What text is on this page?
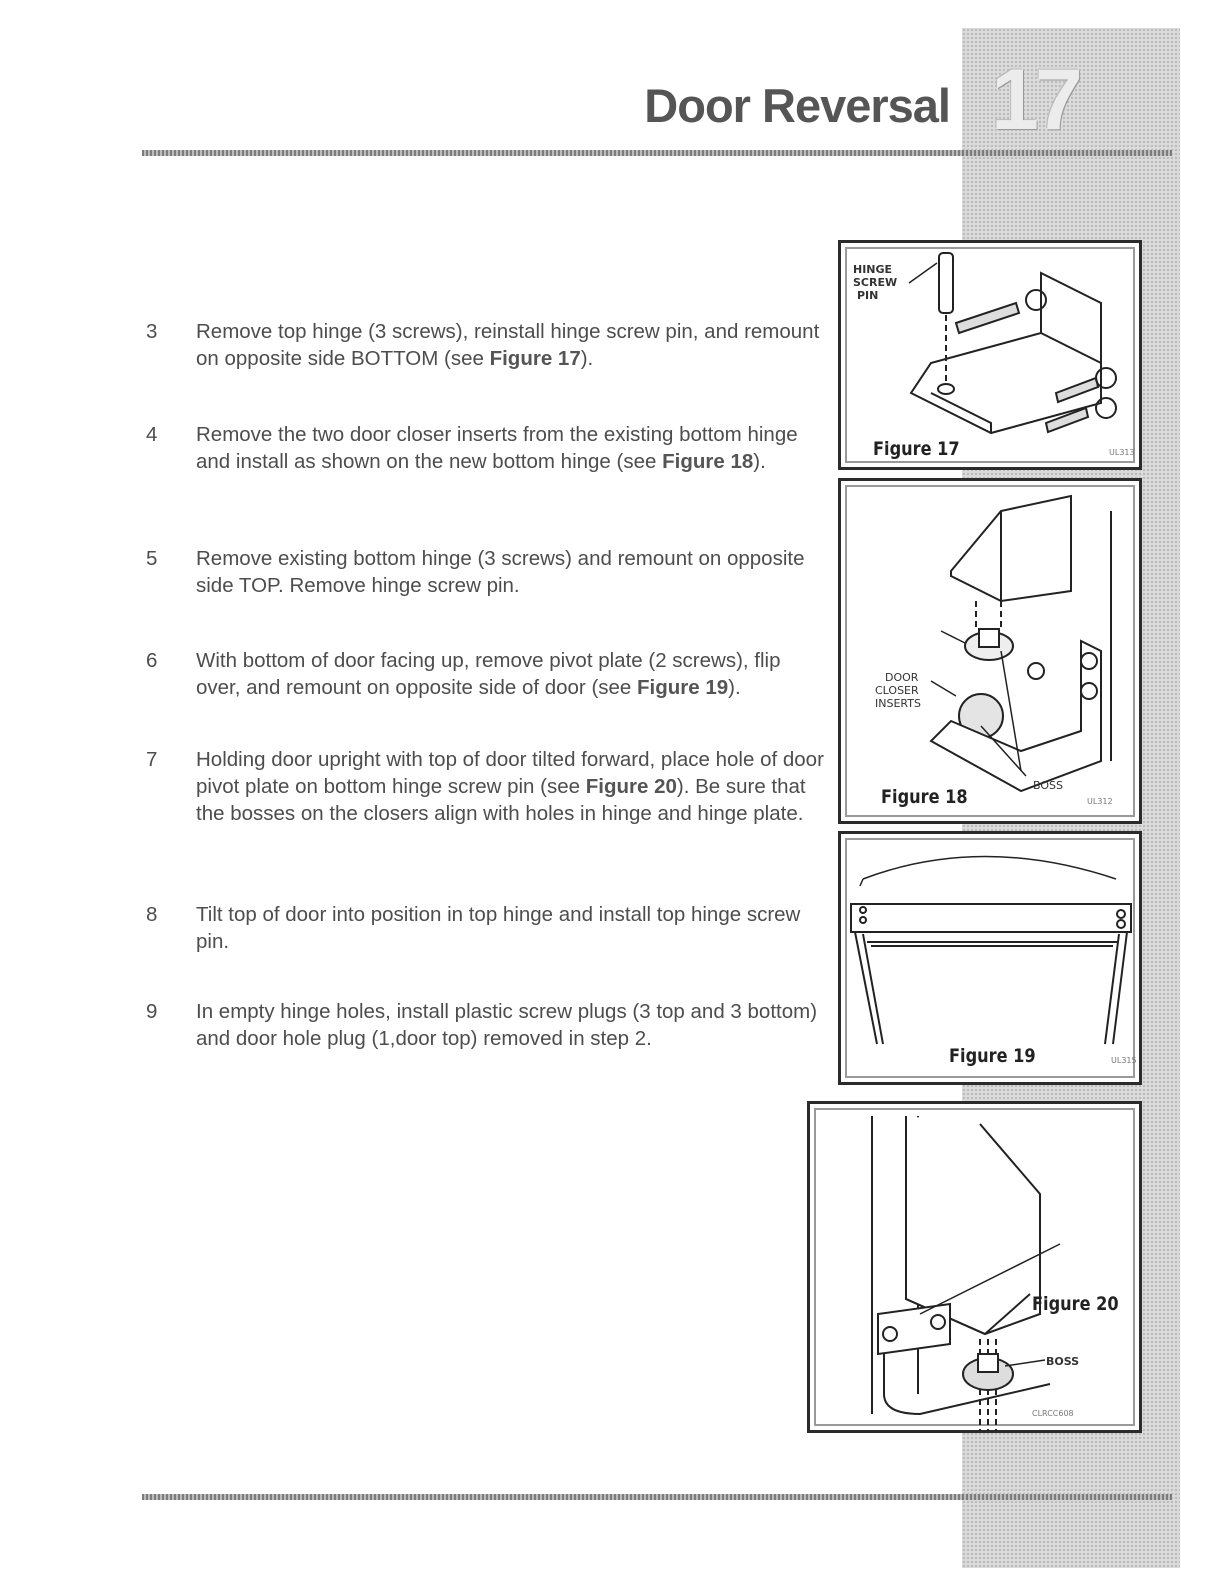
Door Reversal 17
3	Remove top hinge (3 screws), reinstall hinge screw pin, and remount on opposite side BOTTOM (see Figure 17).
4	Remove the two door closer inserts from the existing bottom hinge and install as shown on the new bottom hinge (see Figure 18).
5	Remove existing bottom hinge (3 screws) and remount on opposite side TOP. Remove hinge screw pin.
6	With bottom of door facing up, remove pivot plate (2 screws), flip over, and remount on opposite side of door (see Figure 19).
7	Holding door upright with top of door tilted forward, place hole of door pivot plate on bottom hinge screw pin (see Figure 20). Be sure that the bosses on the closers align with holes in hinge and hinge plate.
8	Tilt top of door into position in top hinge and install top hinge screw pin.
9	In empty hinge holes, install plastic screw plugs (3 top and 3 bottom) and door hole plug (1,door top) removed in step 2.
HINGE
SCREW
PIN
Figure 17	UL313
DOOR
CLOSER
INSERTS
BOSS
Figure 18	UL312
Figure 19	UL315
Figure 20
BOSS
CLRCC608
